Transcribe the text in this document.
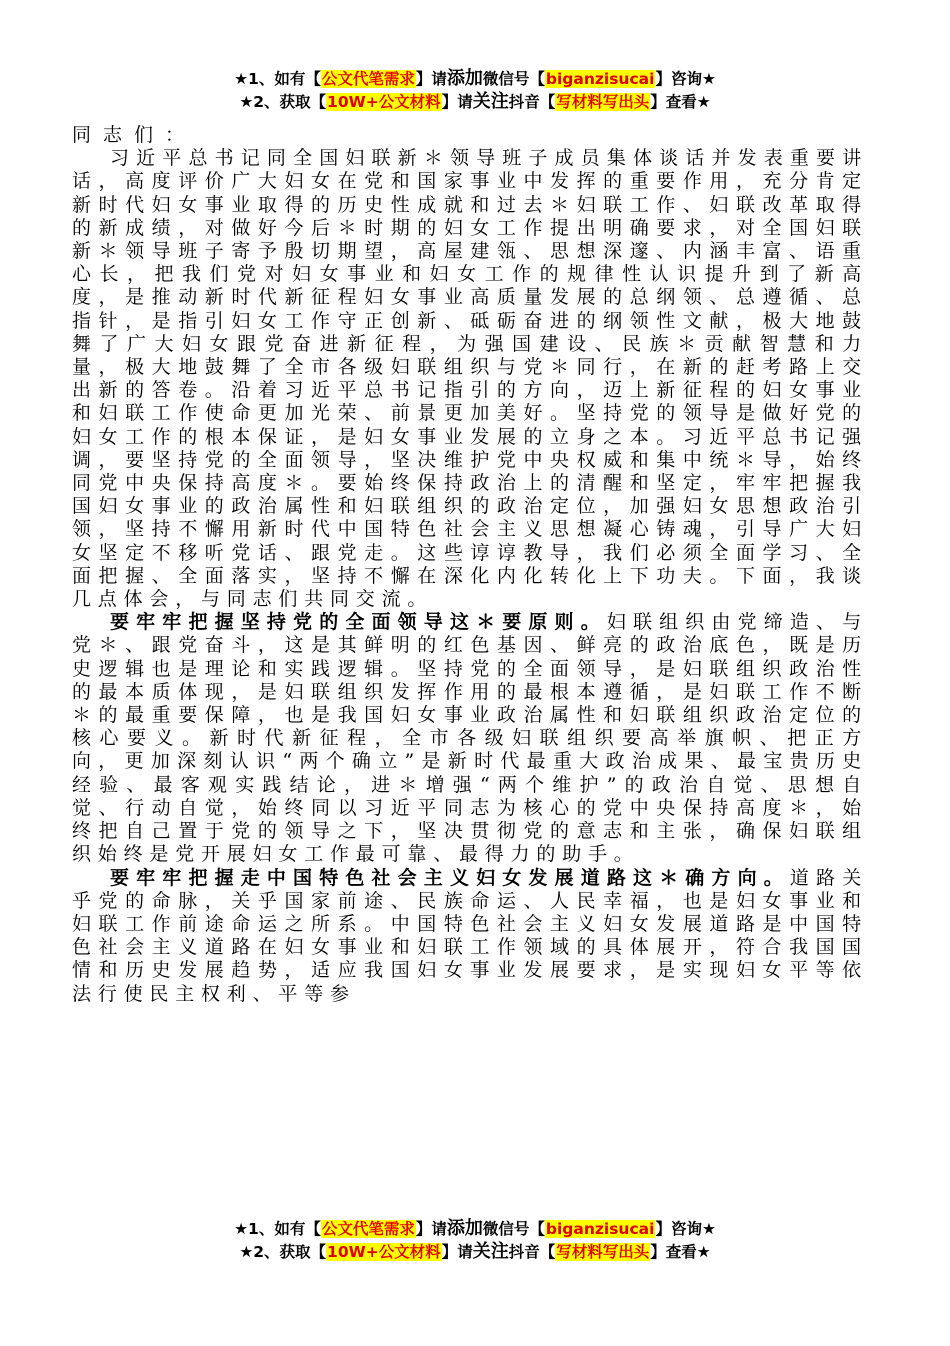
★1、如有【公文代笔需求】请添加微信号【biganzisucai】咨询★
★2、获取【10W+公文材料】请关注抖音【写材料写出头】查看★

同志们：

习近平总书记同全国妇联新＊领导班子成员集体谈话并发表重要讲话，高度评价广大妇女在党和国家事业中发挥的重要作用，充分肯定新时代妇女事业取得的历史性成就和过去＊妇联工作、妇联改革取得的新成绩，对做好今后＊时期的妇女工作提出明确要求，对全国妇联新＊领导班子寄予殷切期望，高屋建瓴、思想深邃、内涵丰富、语重心长，把我们党对妇女事业和妇女工作的规律性认识提升到了新高度，是推动新时代新征程妇女事业高质量发展的总纲领、总遵循、总指针，是指引妇女工作守正创新、砥砺奋进的纲领性文献，极大地鼓舞了广大妇女跟党奋进新征程，为强国建设、民族＊贡献智慧和力量，极大地鼓舞了全市各级妇联组织与党＊同行，在新的赶考路上交出新的答卷。沿着习近平总书记指引的方向，迈上新征程的妇女事业和妇联工作使命更加光荣、前景更加美好。坚持党的领导是做好党的妇女工作的根本保证，是妇女事业发展的立身之本。习近平总书记强调，要坚持党的全面领导，坚决维护党中央权威和集中统＊导，始终同党中央保持高度＊。要始终保持政治上的清醒和坚定，牢牢把握我国妇女事业的政治属性和妇联组织的政治定位，加强妇女思想政治引领，坚持不懈用新时代中国特色社会主义思想凝心铸魂，引导广大妇女坚定不移听党话、跟党走。这些谆谆教导，我们必须全面学习、全面把握、全面落实，坚持不懈在深化内化转化上下功夫。下面，我谈几点体会，与同志们共同交流。

要牢牢把握坚持党的全面领导这＊要原则。妇联组织由党缔造、与党＊、跟党奋斗，这是其鲜明的红色基因、鲜亮的政治底色，既是历史逻辑也是理论和实践逻辑。坚持党的全面领导，是妇联组织政治性的最本质体现，是妇联组织发挥作用的最根本遵循，是妇联工作不断＊的最重要保障，也是我国妇女事业政治属性和妇联组织政治定位的核心要义。新时代新征程，全市各级妇联组织要高举旗帜、把正方向，更加深刻认识“两个确立”是新时代最重大政治成果、最宝贵历史经验、最客观实践结论，进＊增强“两个维护”的政治自觉、思想自觉、行动自觉，始终同以习近平同志为核心的党中央保持高度＊，始终把自己置于党的领导之下，坚决贯彻党的意志和主张，确保妇联组织始终是党开展妇女工作最可靠、最得力的助手。

要牢牢把握走中国特色社会主义妇女发展道路这＊确方向。道路关乎党的命脉，关乎国家前途、民族命运、人民幸福，也是妇女事业和妇联工作前途命运之所系。中国特色社会主义妇女发展道路是中国特色社会主义道路在妇女事业和妇联工作领域的具体展开，符合我国国情和历史发展趋势，适应我国妇女事业发展要求，是实现妇女平等依法行使民主权利、平等参

★1、如有【公文代笔需求】请添加微信号【biganzisucai】咨询★
★2、获取【10W+公文材料】请关注抖音【写材料写出头】查看★
